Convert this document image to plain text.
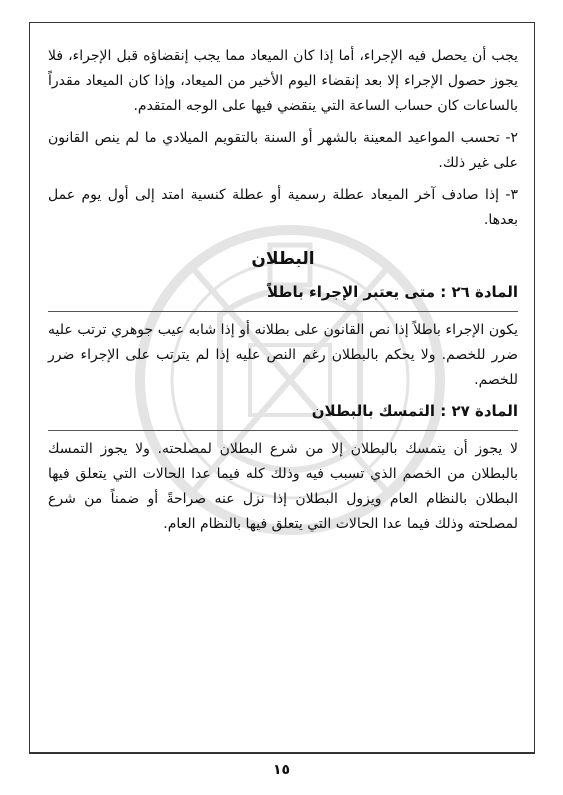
يجب أن يحصل فيه الإجراء، أما إذا كان الميعاد مما يجب إنقضاؤه قبل الإجراء، فلا يجوز حصول الإجراء إلا بعد إنقضاء اليوم الأخير من الميعاد، وإذا كان الميعاد مقدراً بالساعات كان حساب الساعة التي ينقضي فيها على الوجه المتقدم.

٢- تحسب المواعيد المعينة بالشهر أو السنة بالتقويم الميلادي ما لم ينص القانون على غير ذلك.

٣- إذا صادف آخر الميعاد عطلة رسمية أو عطلة كنسية امتد إلى أول يوم عمل بعدها.

البطلان

المادة ٢٦ : متى يعتبر الإجراء باطلاً

يكون الإجراء باطلاً إذا نص القانون على بطلانه أو إذا شابه عيب جوهري ترتب عليه ضرر للخصم. ولا يحكم بالبطلان رغم النص عليه إذا لم يترتب على الإجراء ضرر للخصم.

المادة ٢٧ : التمسك بالبطلان

لا يجوز أن يتمسك بالبطلان إلا من شرع البطلان لمصلحته. ولا يجوز التمسك بالبطلان من الخصم الذي تسبب فيه وذلك كله فيما عدا الحالات التي يتعلق فيها البطلان بالنظام العام ويزول البطلان إذا نزل عنه صراحةً أو ضمناً من شرع لمصلحته وذلك فيما عدا الحالات التي يتعلق فيها بالنظام العام.

١٥
